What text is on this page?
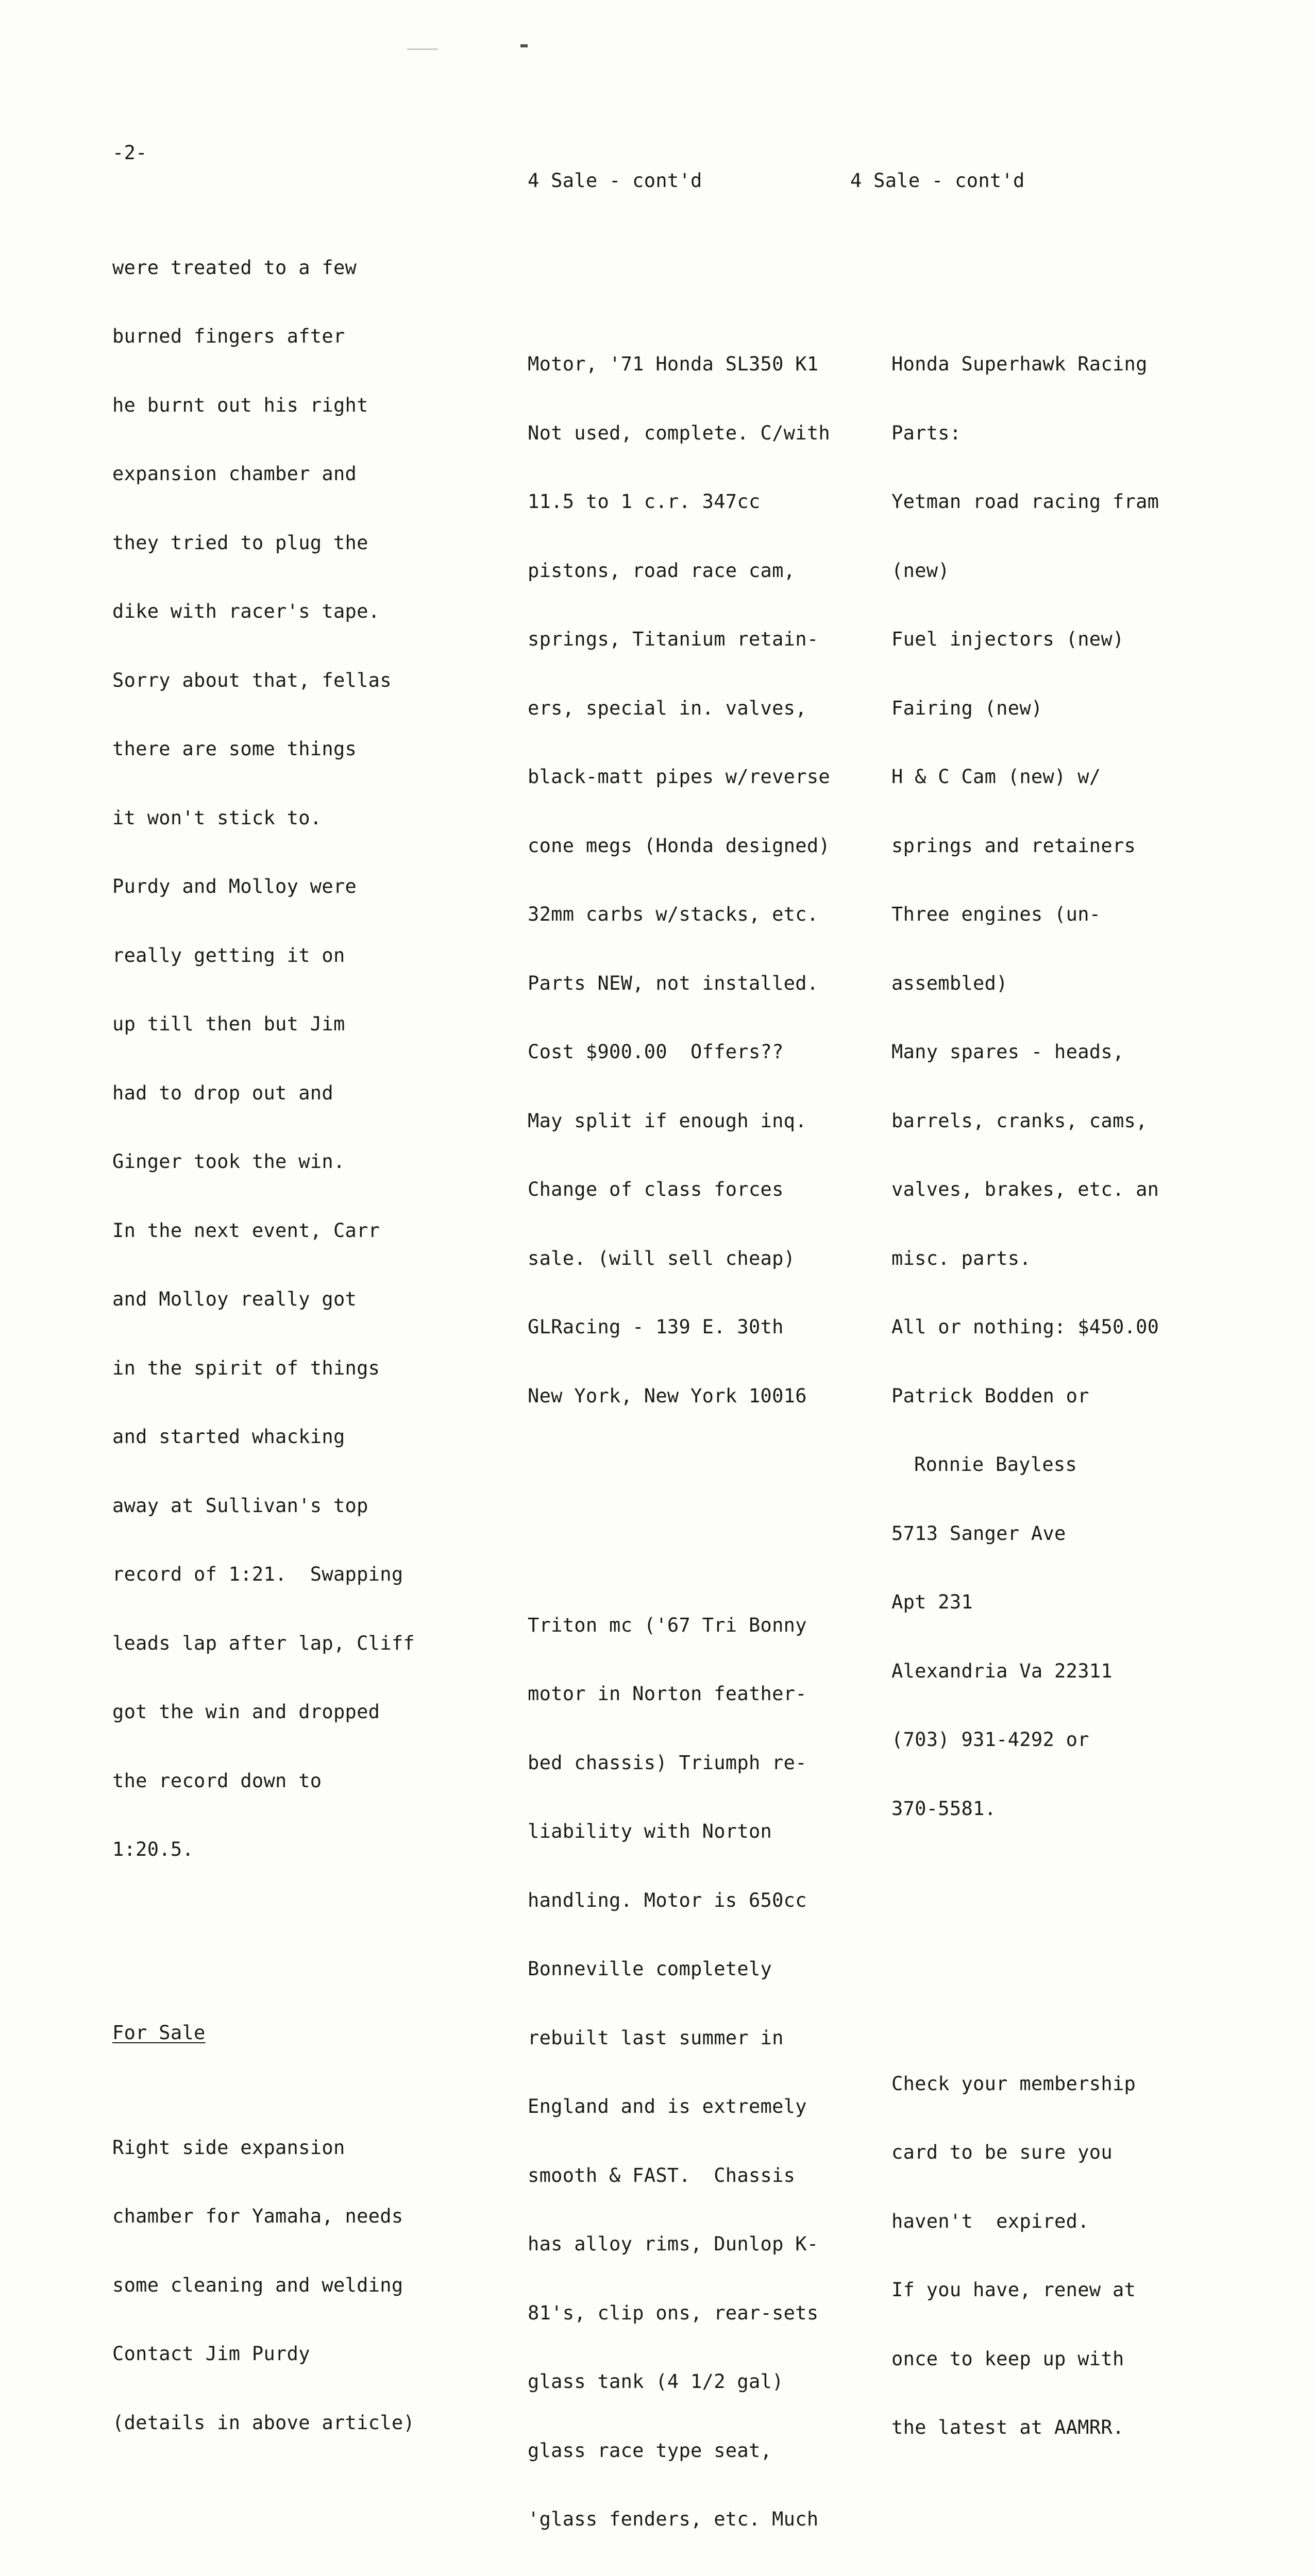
-2-

were treated to a few

burned fingers after

he burnt out his right

expansion chamber and

they tried to plug the

dike with racer's tape.

Sorry about that, fellas

there are some things

it won't stick to.

Purdy and Molloy were

really getting it on

up till then but Jim

had to drop out and

Ginger took the win.

In the next event, Carr

and Molloy really got

in the spirit of things

and started whacking

away at Sullivan's top

record of 1:21.  Swapping

leads lap after lap, Cliff

got the win and dropped

the record down to

1:20.5.

For Sale

Right side expansion

chamber for Yamaha, needs

some cleaning and welding

Contact Jim Purdy

(details in above article)

4 Sale - cont'd

Motor, '71 Honda SL350 K1

Not used, complete. C/with

11.5 to 1 c.r. 347cc

pistons, road race cam,

springs, Titanium retain-

ers, special in. valves,

black-matt pipes w/reverse

cone megs (Honda designed)

32mm carbs w/stacks, etc.

Parts NEW, not installed.

Cost $900.00  Offers??

May split if enough inq.

Change of class forces

sale. (will sell cheap)

GLRacing - 139 E. 30th

New York, New York 10016

Triton mc ('67 Tri Bonny

motor in Norton feather-

bed chassis) Triumph re-

liability with Norton

handling. Motor is 650cc

Bonneville completely

rebuilt last summer in

England and is extremely

smooth & FAST.  Chassis

has alloy rims, Dunlop K-

81's, clip ons, rear-sets

glass tank (4 1/2 gal)

glass race type seat,

'glass fenders, etc. Much

4 Sale - cont'd

Honda Superhawk Racing

Parts:

Yetman road racing fram

(new)

Fuel injectors (new)

Fairing (new)

H & C Cam (new) w/

springs and retainers

Three engines (un-

assembled)

Many spares - heads,

barrels, cranks, cams,

valves, brakes, etc. an

misc. parts.

All or nothing: $450.00

Patrick Bodden or

Ronnie Bayless

5713 Sanger Ave

Apt 231

Alexandria Va 22311

(703) 931-4292 or

370-5581.

Check your membership

card to be sure you

haven't  expired.

If you have, renew at

once to keep up with

the latest at AAMRR.
